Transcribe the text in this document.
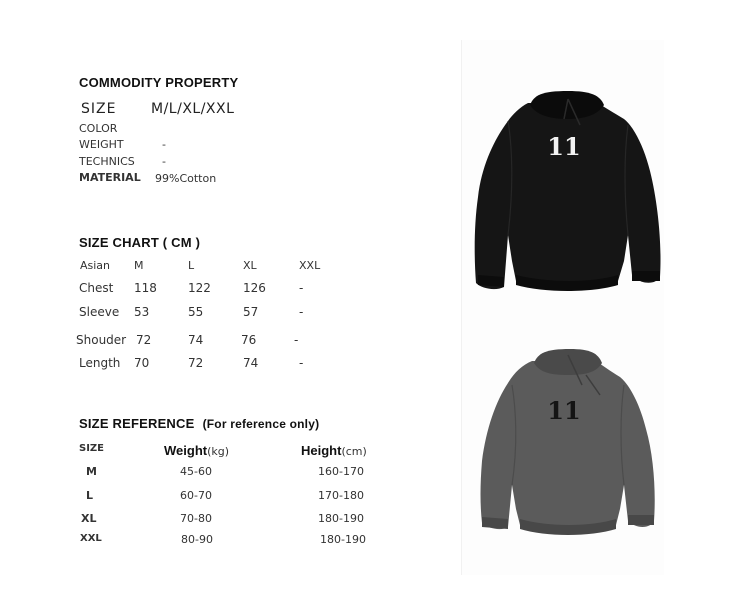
COMMODITY PROPERTY
SIZE M/L/XL/XXL
COLOR
WEIGHT	-
TECHNICS -
MATERIAL 99%Cotton
SIZE CHART ( CM )
Asian M	L	XL	XXL
Chest 118	122	126	-
Sleeve 53	55	57	-
Shouder 72	74	76	-
Length 70	72	74	-
SIZE REFERENCE (For reference only)
SIZE	Weight(kg)	Height(cm)
M	45-60	160-170
L	60-70	170-180
XL	70-80	180-190
XXL	80-90	180-190
11
11
